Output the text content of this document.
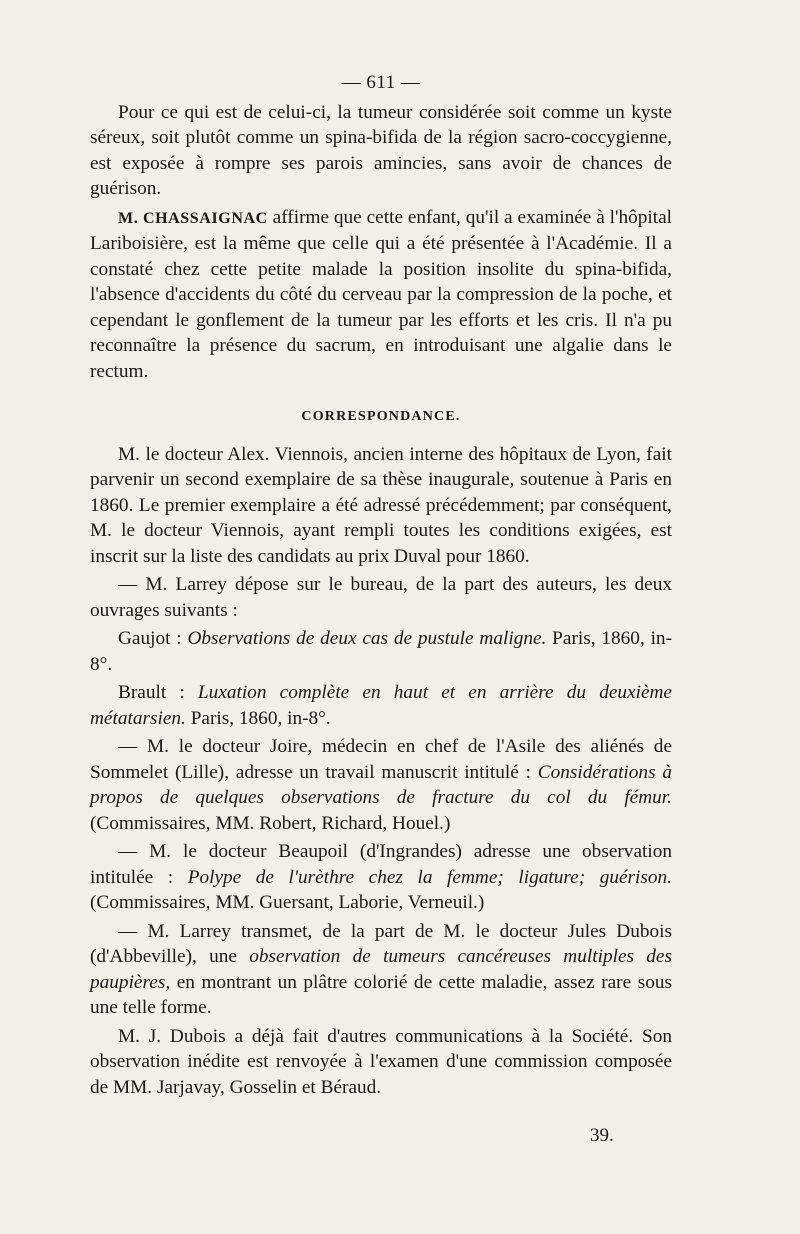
— 611 —

Pour ce qui est de celui-ci, la tumeur considérée soit comme un kyste séreux, soit plutôt comme un spina-bifida de la région sacro-coccygienne, est exposée à rompre ses parois amincies, sans avoir de chances de guérison.

M. CHASSAIGNAC affirme que cette enfant, qu'il a examinée à l'hôpital Lariboisière, est la même que celle qui a été présentée à l'Académie. Il a constaté chez cette petite malade la position insolite du spina-bifida, l'absence d'accidents du côté du cerveau par la compression de la poche, et cependant le gonflement de la tumeur par les efforts et les cris. Il n'a pu reconnaître la présence du sacrum, en introduisant une algalie dans le rectum.

CORRESPONDANCE.

M. le docteur Alex. Viennois, ancien interne des hôpitaux de Lyon, fait parvenir un second exemplaire de sa thèse inaugurale, soutenue à Paris en 1860. Le premier exemplaire a été adressé précédemment; par conséquent, M. le docteur Viennois, ayant rempli toutes les conditions exigées, est inscrit sur la liste des candidats au prix Duval pour 1860.

— M. Larrey dépose sur le bureau, de la part des auteurs, les deux ouvrages suivants :

Gaujot : Observations de deux cas de pustule maligne. Paris, 1860, in-8°.

Brault : Luxation complète en haut et en arrière du deuxième métatarsien. Paris, 1860, in-8°.

— M. le docteur Joire, médecin en chef de l'Asile des aliénés de Sommelet (Lille), adresse un travail manuscrit intitulé : Considérations à propos de quelques observations de fracture du col du fémur. (Commissaires, MM. Robert, Richard, Houel.)

— M. le docteur Beaupoil (d'Ingrandes) adresse une observation intitulée : Polype de l'urèthre chez la femme; ligature; guérison. (Commissaires, MM. Guersant, Laborie, Verneuil.)

— M. Larrey transmet, de la part de M. le docteur Jules Dubois (d'Abbeville), une observation de tumeurs cancéreuses multiples des paupières, en montrant un plâtre colorié de cette maladie, assez rare sous une telle forme.

M. J. Dubois a déjà fait d'autres communications à la Société. Son observation inédite est renvoyée à l'examen d'une commission composée de MM. Jarjavay, Gosselin et Béraud.

39.
